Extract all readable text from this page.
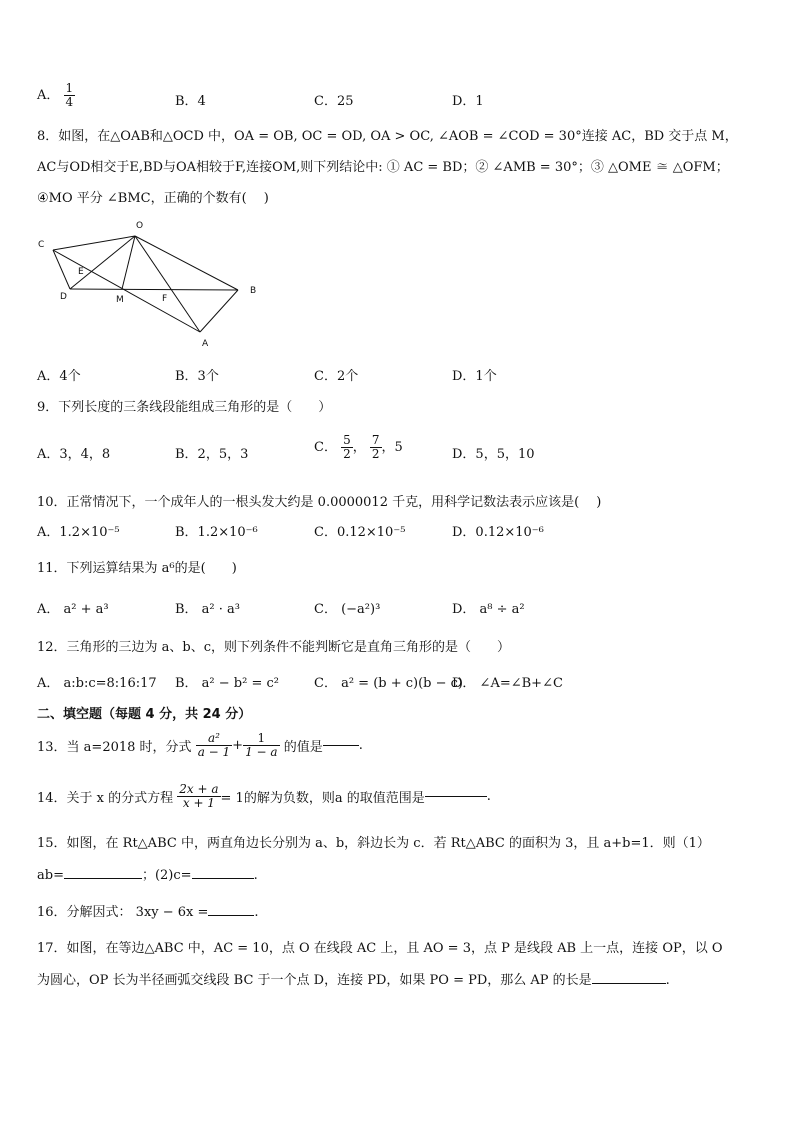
A． $\frac{1}{4}$	B．4	C．25	D．1
8．如图，在△OAB和△OCD 中，OA = OB, OC = OD, OA > OC, ∠AOB = ∠COD = 30°连接 AC，BD 交于点 M，
AC与OD相交于E,BD与OA相较于F,连接OM,则下列结论中: ① AC = BD；② ∠AMB = 30°；③ △OME ≅ △OFM；
④MO 平分 ∠BMC，正确的个数有(　 )
C
O
E
D	M	F
B
A
A．4个	B．3个	C．2个	D．1个
9．下列长度的三条线段能组成三角形的是（　　）
A．3，4，8	B．2，5，3	C． $\frac{5}{2}$ ， $\frac{7}{2}$ ，5	D．5，5，10
10．正常情况下，一个成年人的一根头发大约是 0.0000012 千克，用科学记数法表示应该是(　 )
A．1.2×10⁻⁵	B．1.2×10⁻⁶	C．0.12×10⁻⁵	D．0.12×10⁻⁶
11．下列运算结果为 a⁶的是(　　)
A． a² + a³	B． a² · a³	C． (−a²)³	D． a⁸ ÷ a²
12．三角形的三边为 a、b、c，则下列条件不能判断它是直角三角形的是（　　）
A． a:b:c=8:16:17 B． a² − b² = c²	C． a² = (b + c)(b − c)
D． ∠A=∠B+∠C
二、填空题（每题 4 分，共 24 分）
13．当 a=2018 时，分式 $\frac{\text{a²}}{a - 1} + \frac{1}{1 - a}$ 的值是	.
14．关于 x 的分式方程 $\frac{2x + a}{x + 1} = 1$的解为负数，则a 的取值范围是	.
15．如图，在 Rt△ABC 中，两直角边长分别为 a、b，斜边长为 c．若 Rt△ABC 的面积为 3，且 a+b=1．则（1）
ab=	；(2)c=	.
16．分解因式： 3xy − 6x =	.
17．如图，在等边△ABC 中，AC = 10，点 O 在线段 AC 上，且 AO = 3，点 P 是线段 AB 上一点，连接 OP，以 O
为圆心，OP 长为半径画弧交线段 BC 于一个点 D，连接 PD，如果 PO = PD，那么 AP 的长是	.
